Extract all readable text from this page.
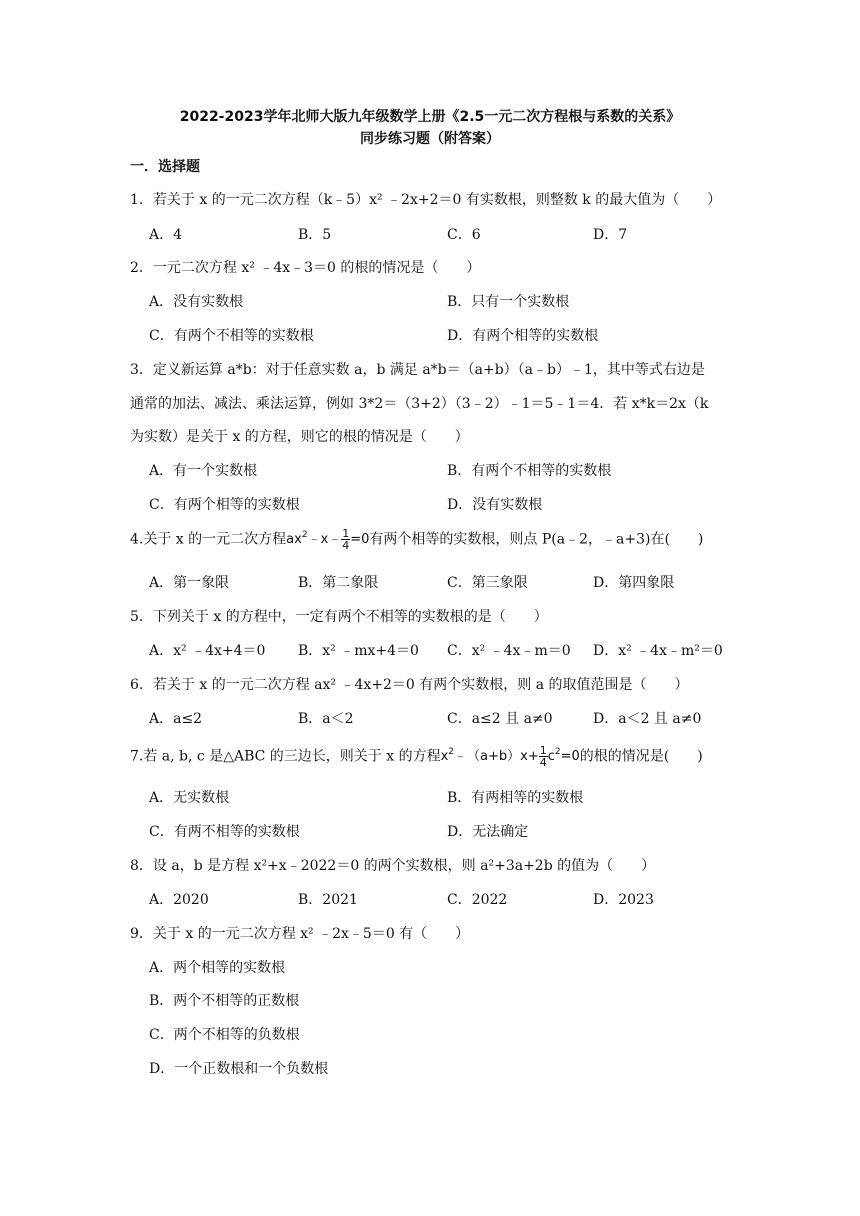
2022-2023学年北师大版九年级数学上册《2.5一元二次方程根与系数的关系》
同步练习题（附答案）
一．选择题
1．若关于 x 的一元二次方程（k﹣5）x² ﹣2x+2＝0 有实数根，则整数 k 的最大值为（　　）
A．4	B．5	C．6	D．7
2．一元二次方程 x² ﹣4x﹣3＝0 的根的情况是（　　）
A．没有实数根	B．只有一个实数根
C．有两个不相等的实数根	D．有两个相等的实数根
3．定义新运算 a*b：对于任意实数 a，b 满足 a*b＝（a+b）（a﹣b）﹣1，其中等式右边是
通常的加法、减法、乘法运算，例如 3*2＝（3+2）（3﹣2）﹣1＝5﹣1＝4．若 x*k＝2x（k
为实数）是关于 x 的方程，则它的根的情况是（　　）
A．有一个实数根	B．有两个不相等的实数根
C．有两个相等的实数根	D．没有实数根
4.关于 x 的一元二次方程$ax^2﹣x﹣ \frac{1}{4} =0$有两个相等的实数根，则点 P(a﹣2，﹣a+3)在(　　)
A．第一象限	B．第二象限	C．第三象限	D．第四象限
5．下列关于 x 的方程中，一定有两个不相等的实数根的是（　　）
A．x² ﹣4x+4＝0 B．x² ﹣mx+4＝0 C．x² ﹣4x﹣m＝0 D．x² ﹣4x﹣m²＝0
6．若关于 x 的一元二次方程 ax² ﹣4x+2＝0 有两个实数根，则 a 的取值范围是（　　）
A．a≤2	B．a＜2	C．a≤2 且 a≠0	D．a＜2 且 a≠0
7.若 a, b, c 是△ABC 的三边长，则关于 x 的方程$x^2﹣(a+b)x+ \frac{1}{4} c^2=0$的根的情况是(　　)
A．无实数根	B．有两相等的实数根
C．有两不相等的实数根	D．无法确定
8．设 a，b 是方程 x²+x﹣2022＝0 的两个实数根，则 a²+3a+2b 的值为（　　）
A．2020	B．2021	C．2022	D．2023
9．关于 x 的一元二次方程 x² ﹣2x﹣5＝0 有（　　）
A．两个相等的实数根
B．两个不相等的正数根
C．两个不相等的负数根
D．一个正数根和一个负数根
